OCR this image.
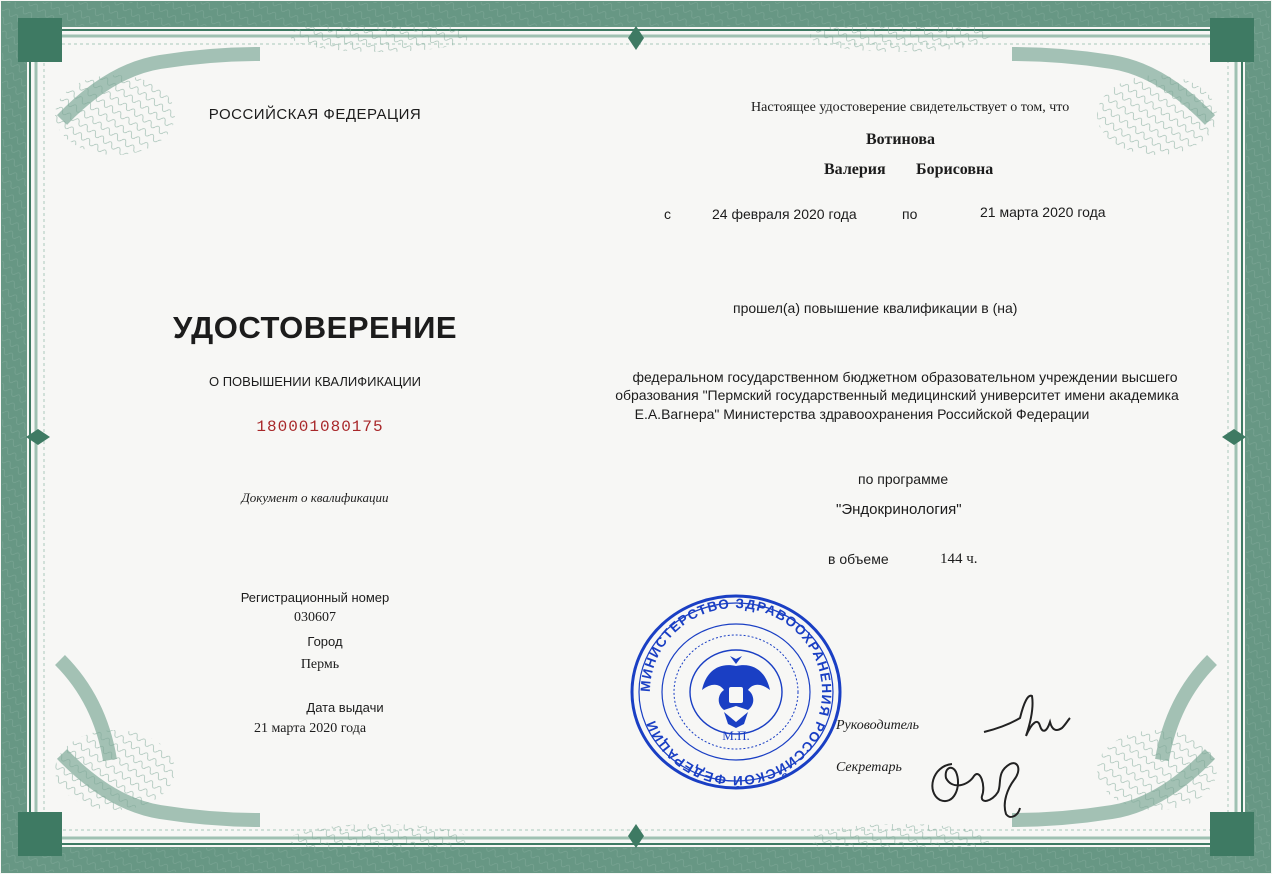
РОССИЙСКАЯ ФЕДЕРАЦИЯ

УДОСТОВЕРЕНИЕ

О ПОВЫШЕНИИ КВАЛИФИКАЦИИ

180001080175

Документ о квалификации

Регистрационный номер

030607

Город

Пермь

Дата выдачи

21 марта 2020 года

Настоящее удостоверение свидетельствует о том, что

Вотинова

Валерия Борисовна

с	24 февраля 2020 года	по	21 марта 2020 года

прошел(а) повышение квалификации в (на)

федеральном государственном бюджетном образовательном учреждении высшего

образования "Пермский государственный медицинский университет имени академика

Е.А.Вагнера" Министерства здравоохранения Российской Федерации

по программе

"Эндокринология"

в объеме	144 ч.

Руководитель

Секретарь

МИНИСТЕРСТВО ЗДРАВООХРАНЕНИЯ РОССИЙСКОЙ ФЕДЕРАЦИИ
М.П.
